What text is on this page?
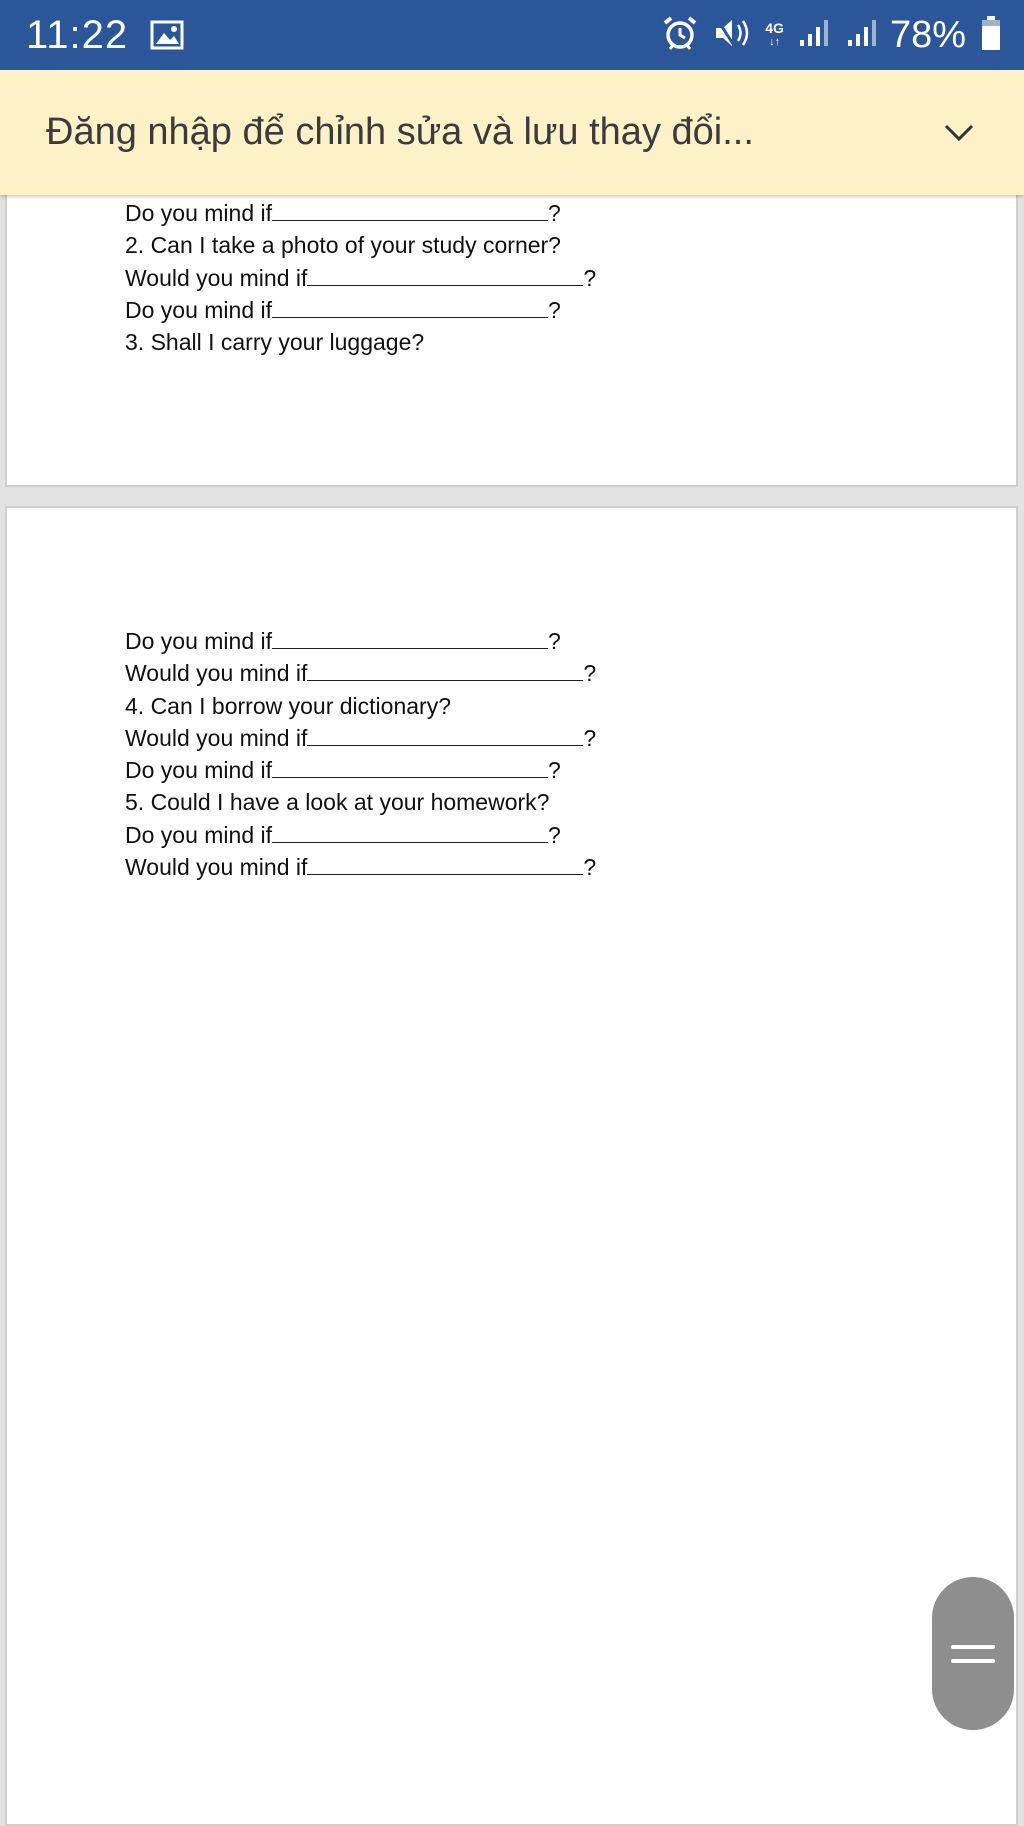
11:22	4G
↓↑	78%
Đăng nhập để chỉnh sửa và lưu thay đổi...
Do you mind if	?
2. Can I take a photo of your study corner?
Would you mind if	?
Do you mind if	?
3. Shall I carry your luggage?
Do you mind if	?
Would you mind if	?
4. Can I borrow your dictionary?
Would you mind if	?
Do you mind if	?
5. Could I have a look at your homework?
Do you mind if	?
Would you mind if	?
